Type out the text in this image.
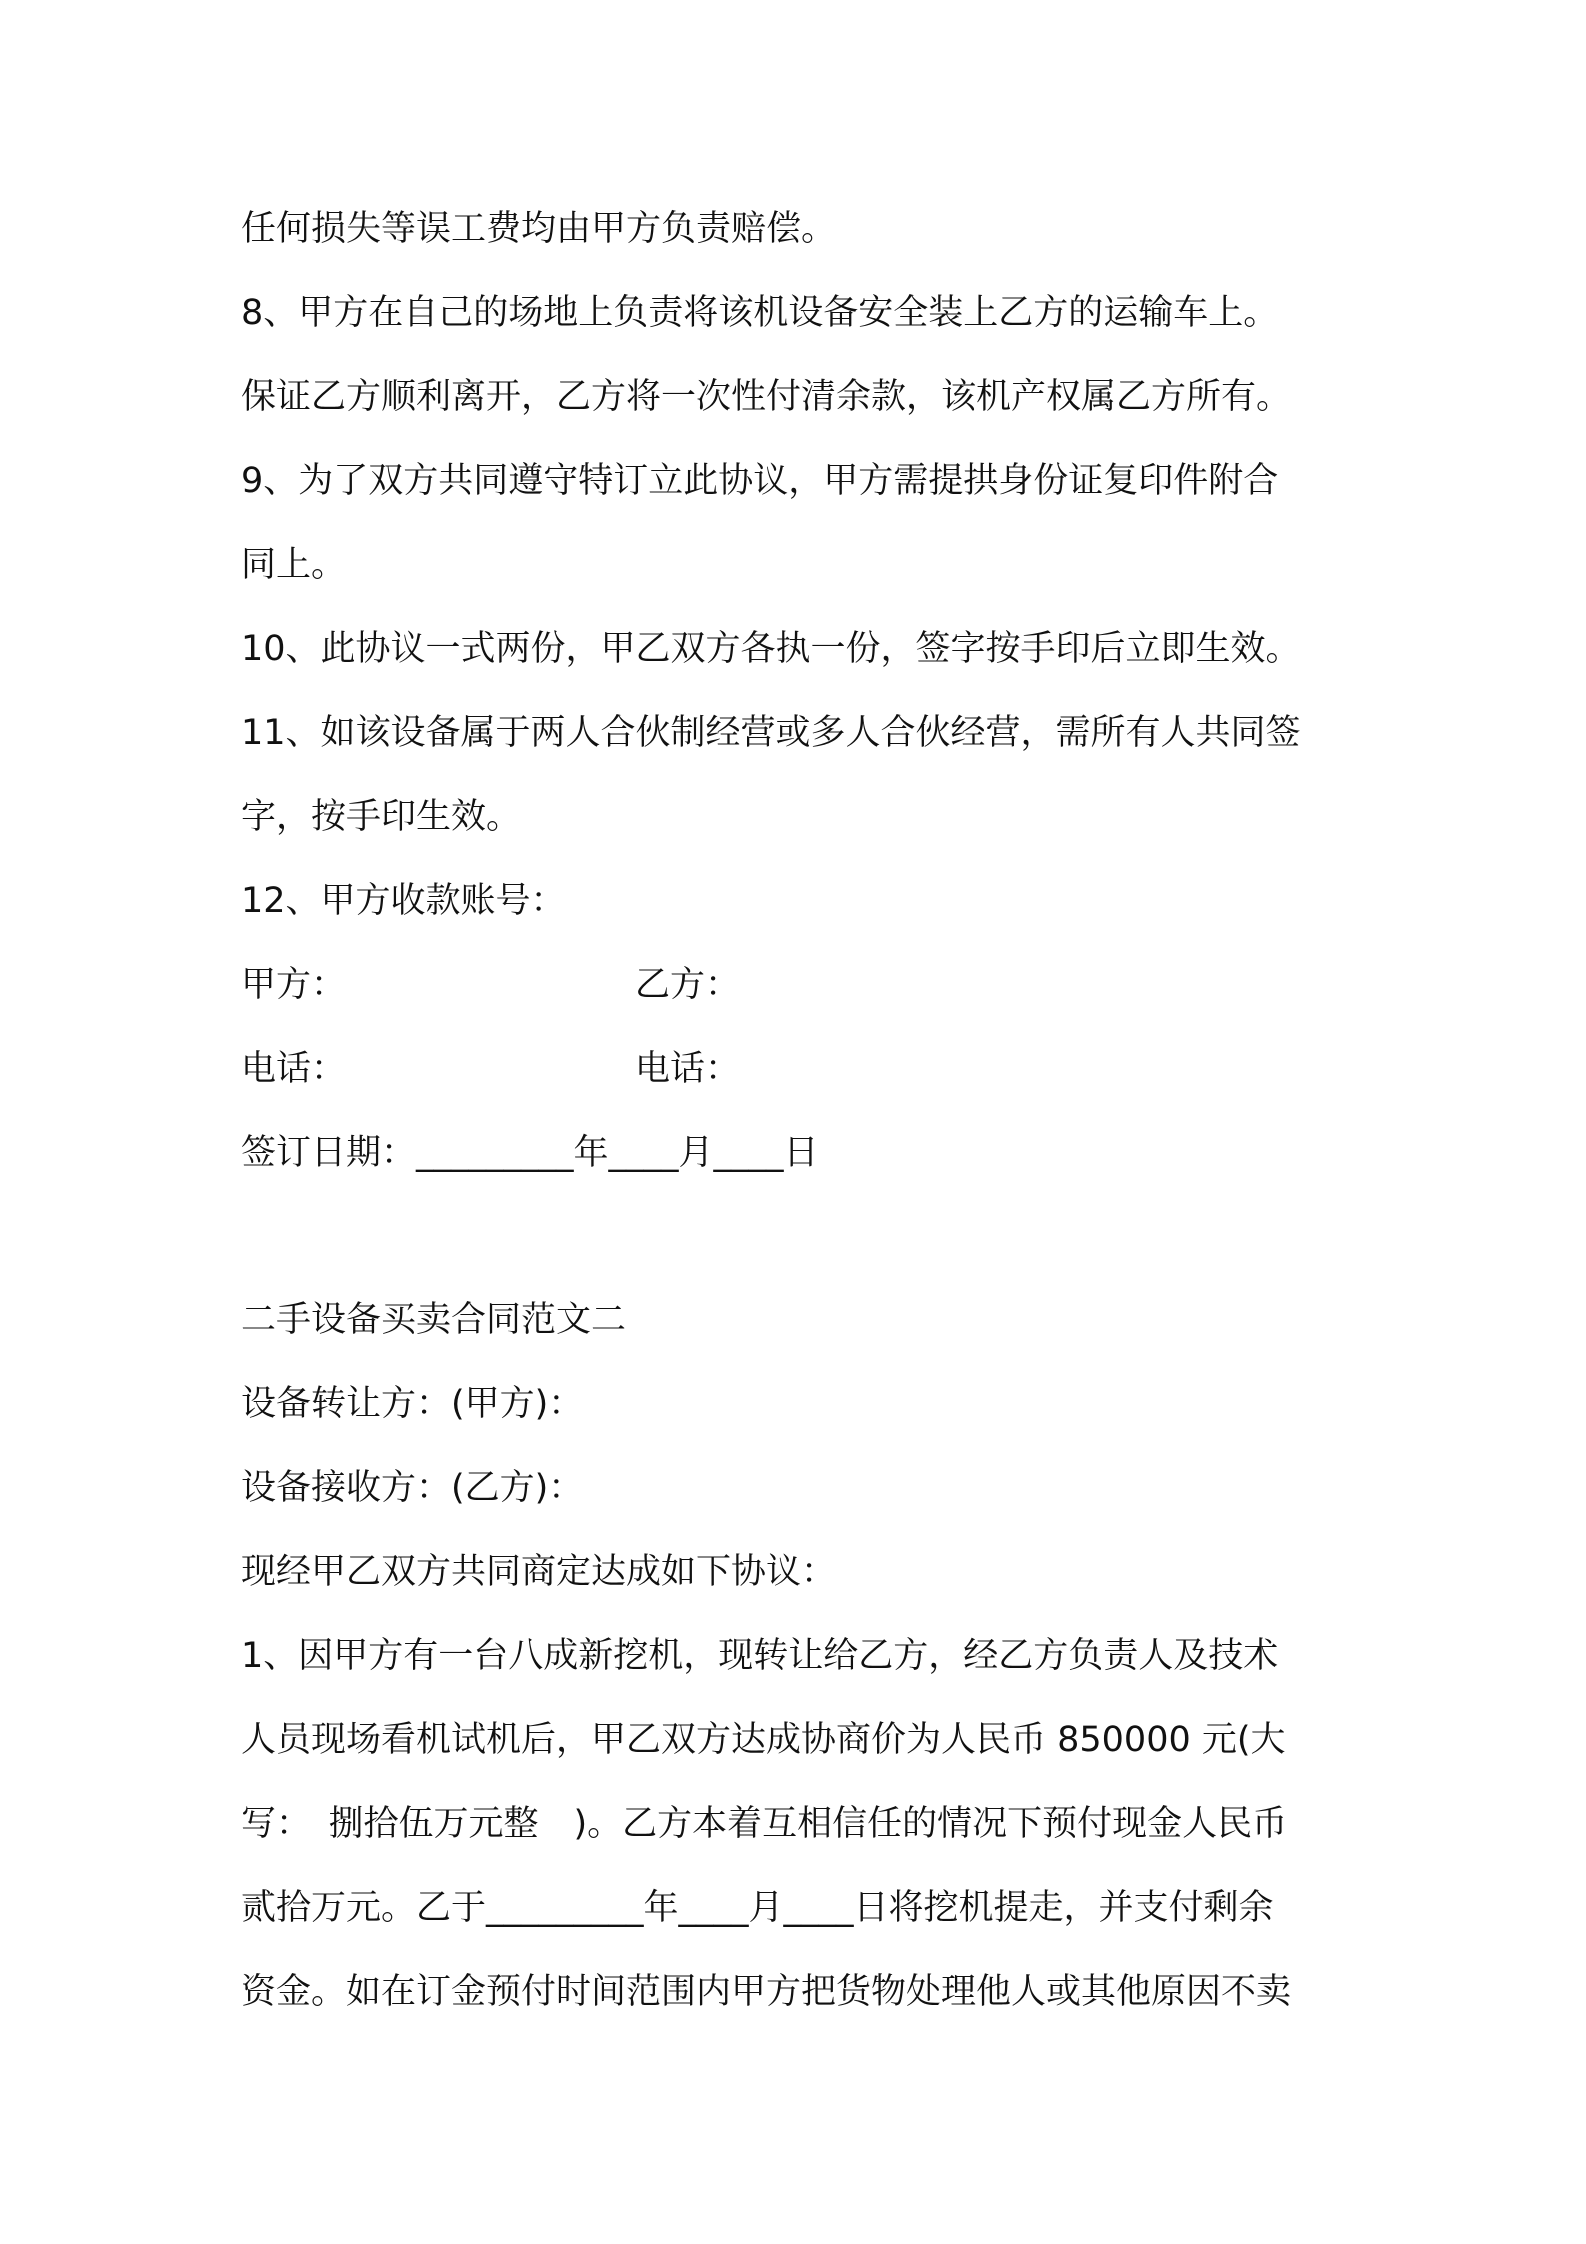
任何损失等误工费均由甲方负责赔偿。
8、甲方在自己的场地上负责将该机设备安全装上乙方的运输车上。
保证乙方顺利离开，乙方将一次性付清余款，该机产权属乙方所有。
9、为了双方共同遵守特订立此协议，甲方需提拱身份证复印件附合
同上。
10、此协议一式两份，甲乙双方各执一份，签字按手印后立即生效。
11、如该设备属于两人合伙制经营或多人合伙经营，需所有人共同签
字，按手印生效。
12、甲方收款账号：
甲方：	乙方：
电话：	电话：
签订日期：_________年____月____日
二手设备买卖合同范文二
设备转让方：(甲方)：
设备接收方：(乙方)：
现经甲乙双方共同商定达成如下协议：
1、因甲方有一台八成新挖机，现转让给乙方，经乙方负责人及技术
人员现场看机试机后，甲乙双方达成协商价为人民币 850000 元(大
写：　捌拾伍万元整　)。乙方本着互相信任的情况下预付现金人民币
贰拾万元。乙于_________年____月____日将挖机提走，并支付剩余
资金。如在订金预付时间范围内甲方把货物处理他人或其他原因不卖
